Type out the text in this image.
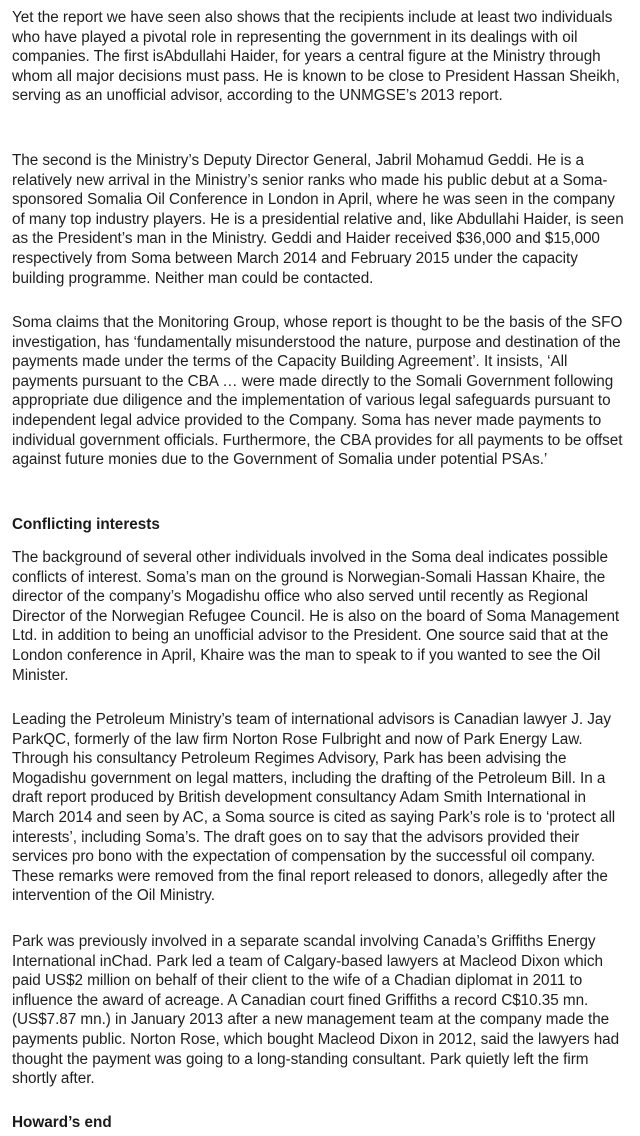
Yet the report we have seen also shows that the recipients include at least two individuals who have played a pivotal role in representing the government in its dealings with oil companies. The first isAbdullahi Haider, for years a central figure at the Ministry through whom all major decisions must pass. He is known to be close to President Hassan Sheikh, serving as an unofficial advisor, according to the UNMGSE’s 2013 report.

The second is the Ministry’s Deputy Director General, Jabril Mohamud Geddi. He is a relatively new arrival in the Ministry’s senior ranks who made his public debut at a Soma-sponsored Somalia Oil Conference in London in April, where he was seen in the company of many top industry players. He is a presidential relative and, like Abdullahi Haider, is seen as the President’s man in the Ministry. Geddi and Haider received $36,000 and $15,000 respectively from Soma between March 2014 and February 2015 under the capacity building programme. Neither man could be contacted.

Soma claims that the Monitoring Group, whose report is thought to be the basis of the SFO investigation, has ‘fundamentally misunderstood the nature, purpose and destination of the payments made under the terms of the Capacity Building Agreement’. It insists, ‘All payments pursuant to the CBA … were made directly to the Somali Government following appropriate due diligence and the implementation of various legal safeguards pursuant to independent legal advice provided to the Company. Soma has never made payments to individual government officials. Furthermore, the CBA provides for all payments to be offset against future monies due to the Government of Somalia under potential PSAs.’

Conflicting interests

The background of several other individuals involved in the Soma deal indicates possible conflicts of interest. Soma’s man on the ground is Norwegian-Somali Hassan Khaire, the director of the company’s Mogadishu office who also served until recently as Regional Director of the Norwegian Refugee Council. He is also on the board of Soma Management Ltd. in addition to being an unofficial advisor to the President. One source said that at the London conference in April, Khaire was the man to speak to if you wanted to see the Oil Minister.

Leading the Petroleum Ministry’s team of international advisors is Canadian lawyer J. Jay ParkQC, formerly of the law firm Norton Rose Fulbright and now of Park Energy Law. Through his consultancy Petroleum Regimes Advisory, Park has been advising the Mogadishu government on legal matters, including the drafting of the Petroleum Bill. In a draft report produced by British development consultancy Adam Smith International in March 2014 and seen by AC, a Soma source is cited as saying Park’s role is to ‘protect all interests’, including Soma’s. The draft goes on to say that the advisors provided their services pro bono with the expectation of compensation by the successful oil company. These remarks were removed from the final report released to donors, allegedly after the intervention of the Oil Ministry.

Park was previously involved in a separate scandal involving Canada’s Griffiths Energy International inChad. Park led a team of Calgary-based lawyers at Macleod Dixon which paid US$2 million on behalf of their client to the wife of a Chadian diplomat in 2011 to influence the award of acreage. A Canadian court fined Griffiths a record C$10.35 mn. (US$7.87 mn.) in January 2013 after a new management team at the company made the payments public. Norton Rose, which bought Macleod Dixon in 2012, said the lawyers had thought the payment was going to a long-standing consultant. Park quietly left the firm shortly after.

Howard’s end
